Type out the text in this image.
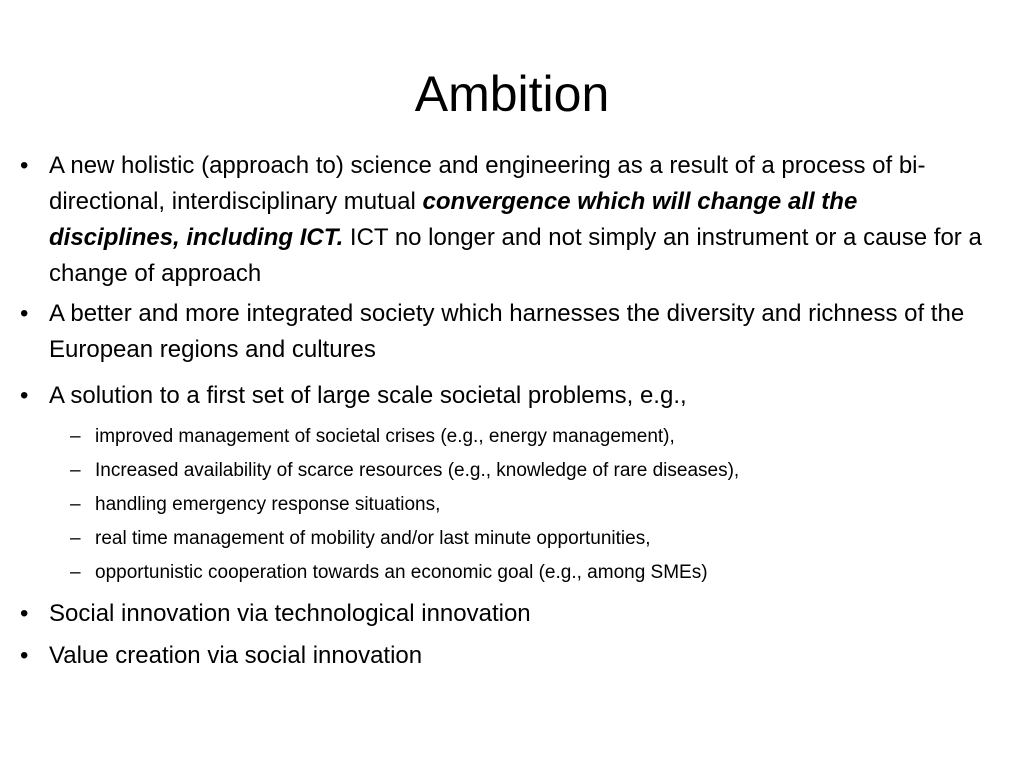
Ambition

• A new holistic (approach to) science and engineering as a result of a process of bi-directional, interdisciplinary mutual convergence which will change all the disciplines, including ICT. ICT no longer and not simply an instrument or a cause for a change of approach

• A better and more integrated society which harnesses the diversity and richness of the European regions and cultures

• A solution to a first set of large scale societal problems, e.g.,

– improved management of societal crises (e.g., energy management),
– Increased availability of scarce resources (e.g., knowledge of rare diseases),
– handling emergency response situations,
– real time management of mobility and/or last minute opportunities,
– opportunistic cooperation towards an economic goal (e.g., among SMEs)

• Social innovation via technological innovation

• Value creation via social innovation
